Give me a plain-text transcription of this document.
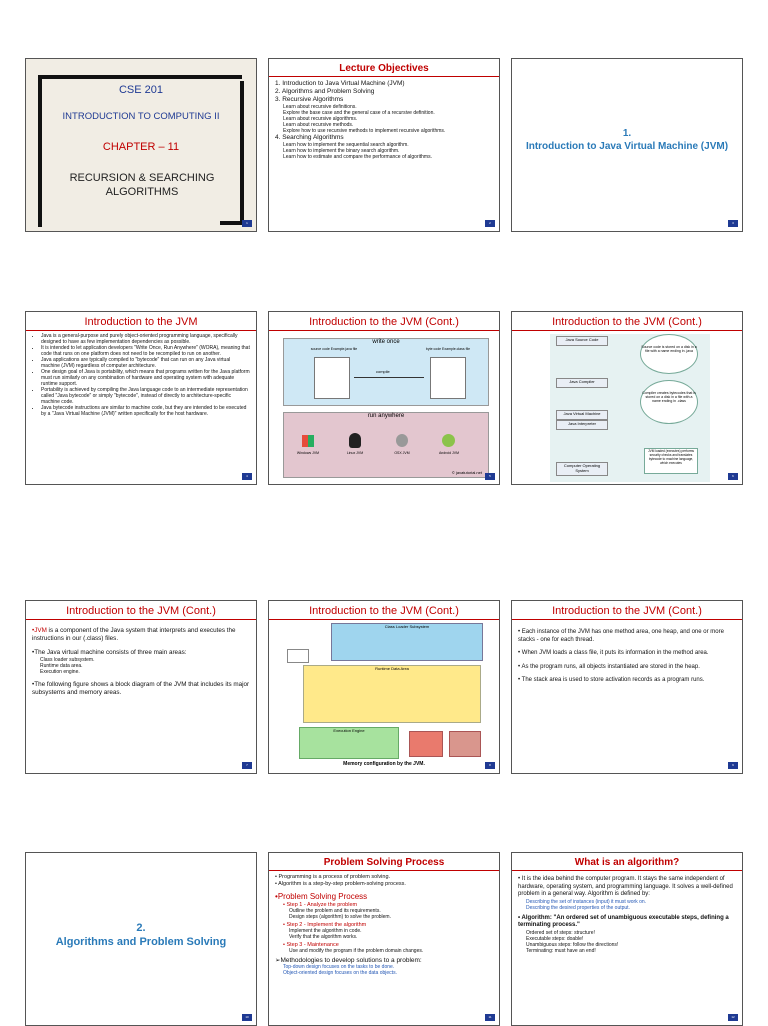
CSE 201
INTRODUCTION TO COMPUTING II
CHAPTER – 11
RECURSION & SEARCHING ALGORITHMS
1
Lecture Objectives
1. Introduction to Java Virtual Machine (JVM)
2. Algorithms and Problem Solving
3. Recursive Algorithms
Learn about recursive definitions.
Explore the base case and the general case of a recursive definition.
Learn about recursive algorithms.
Learn about recursive methods.
Explore how to use recursive methods to implement recursive algorithms.
4. Searching Algorithms
Learn how to implement the sequential search algorithm.
Learn how to implement the binary search algorithm.
Learn how to estimate and compare the performance of algorithms.
2
1.
Introduction to Java Virtual Machine (JVM)
3
Introduction to the JVM
• Java is a general-purpose and purely object-oriented programming language, specifically designed to have as few implementation dependencies as possible.
• It is intended to let application developers "Write Once, Run Anywhere" (WORA), meaning that code that runs on one platform does not need to be recompiled to run on another.
• Java applications are typically compiled to "bytecode" that can run on any Java virtual machine (JVM) regardless of computer architecture.
• One design goal of Java is portability, which means that programs written for the Java platform must run similarly on any combination of hardware and operating system with adequate runtime support.
• Portability is achieved by compiling the Java language code to an intermediate representation called "Java bytecode" or simply "bytecode", instead of directly to architecture-specific machine code.
• Java bytecode instructions are similar to machine code, but they are intended to be executed by a "Java Virtual Machine (JVM)" written specifically for the host hardware.
4
Introduction to the JVM (Cont.)
write once
source code Example.java file
compile
byte code Example.class file
run anywhere
Windows JVM	Linux JVM	OSX JVM	Android JVM
© javatutorial.net
5
Introduction to the JVM (Cont.)
Java Source Code
Java Compiler
Java Virtual Machine
Java Interpreter
Computer Operating System
Source code is stored on a disk in a file with a name ending in .java
Compiler creates bytecodes that is stored on a disk in a file with a name ending in .class
JVM loaded (executes) performs security checks and translates bytecode to machine language, which executes
6
Introduction to the JVM (Cont.)
•JVM is a component of the Java system that interprets and executes the instructions in our (.class) files.
•The Java virtual machine consists of three main areas:
Class loader subsystem.
Runtime data area.
Execution engine.
•The following figure shows a block diagram of the JVM that includes its major subsystems and memory areas.
7
Introduction to the JVM (Cont.)
Class Loader Subsystem
Runtime Data Area
Execution Engine
Memory configuration by the JVM.	8
Introduction to the JVM (Cont.)
• Each instance of the JVM has one method area, one heap, and one or more stacks - one for each thread.
• When JVM loads a class file, it puts its information in the method area.
• As the program runs, all objects instantiated are stored in the heap.
• The stack area is used to store activation records as a program runs.
9
2.
Algorithms and Problem Solving
10
Problem Solving Process
• Programming is a process of problem solving.
• Algorithm is a step-by-step problem-solving process.
•Problem Solving Process
• Step 1 - Analyze the problem
Outline the problem and its requirements.
Design steps (algorithm) to solve the problem.
• Step 2 - Implement the algorithm
Implement the algorithm in code.
Verify that the algorithm works.
• Step 3 - Maintenance
Use and modify the program if the problem domain changes.
➢Methodologies to develop solutions to a problem:
Top-down design focuses on the tasks to be done.
Object-oriented design focuses on the data objects.
11
What is an algorithm?
• It is the idea behind the computer program. It stays the same independent of hardware, operating system, and programming language. It solves a well-defined problem in a general way. Algorithm is defined by:
Describing the set of instances (input) it must work on.
Describing the desired properties of the output.
• Algorithm: "An ordered set of unambiguous executable steps, defining a terminating process."
Ordered set of steps: structure!
Executable steps: doable!
Unambiguous steps: follow the directions!
Terminating: must have an end!
12
